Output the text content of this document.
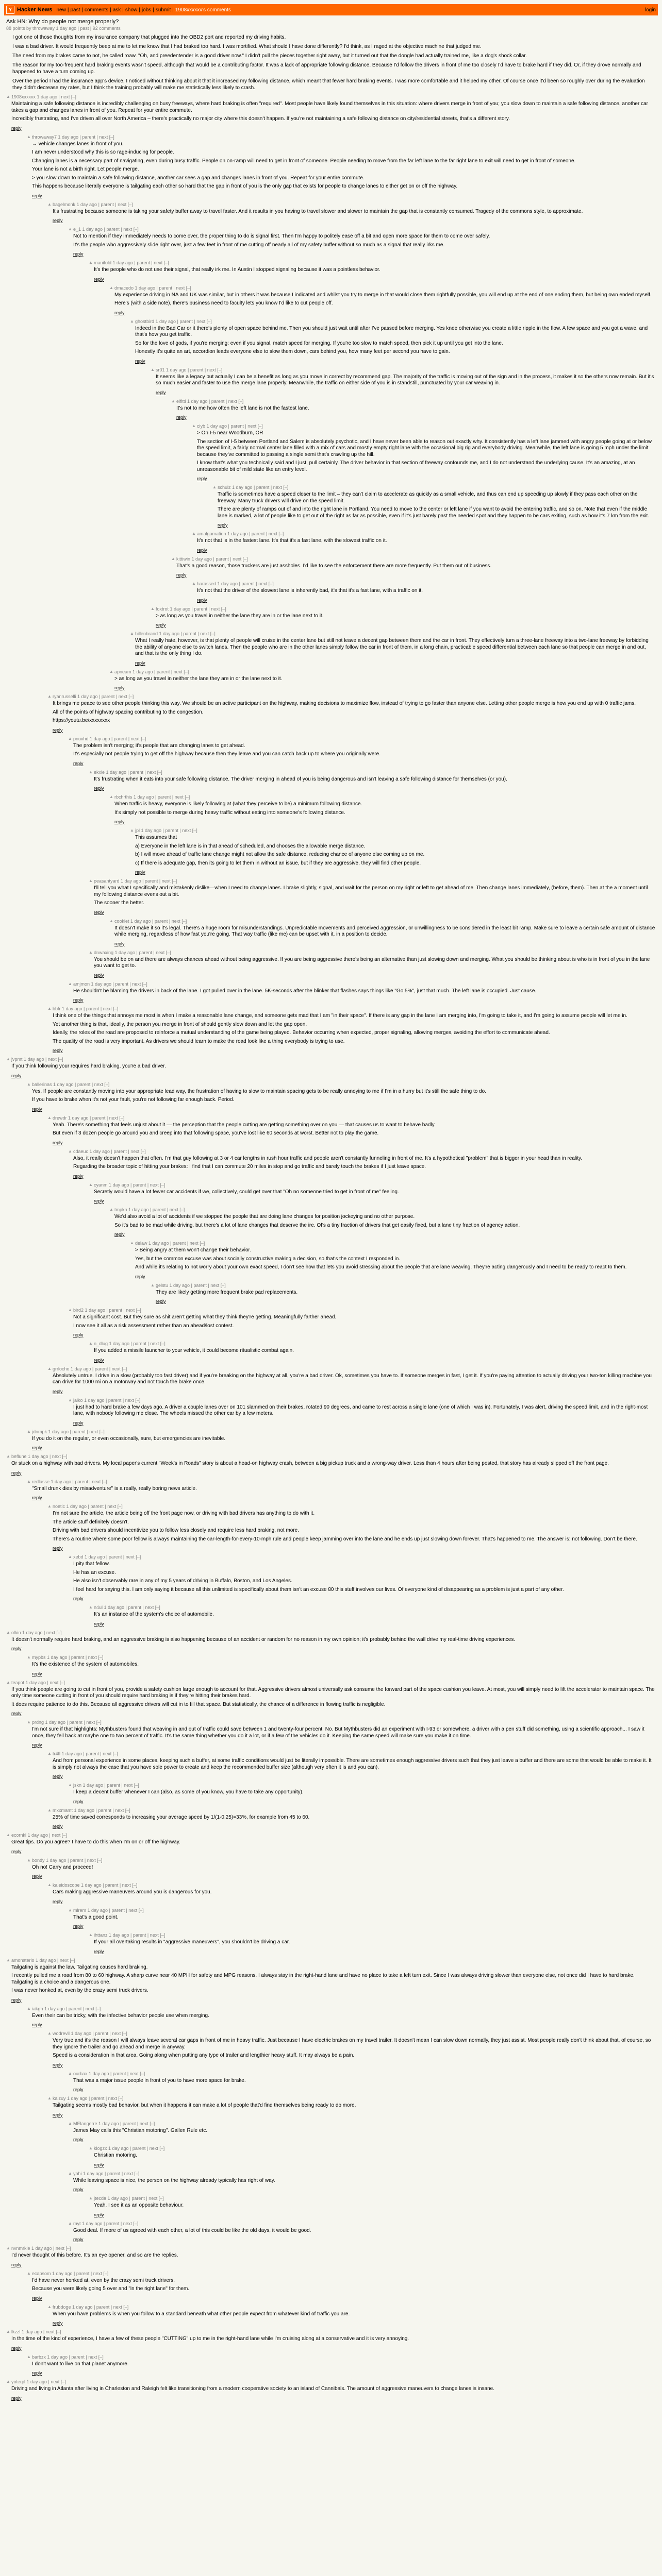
Y Hacker News new | past | comments | ask | show | jobs | submit | 1908xxxxxx's comments	login
Ask HN: Why do people not merge properly?
88 points by throwaway 1 day ago | past | 92 comments

I got one of those thoughts from my insurance company that plugged into the OBD2 port and reported my driving habits.

I was a bad driver. It would frequently beep at me to let me know that I had braked too hard. I was mortified. What should I have done differently? I'd think, as I raged at the objective machine that judged me.

The need from my brakes came to not, he called roaw. "Oh, and preedentender is a good driver now." I didn't pull the pieces together right away, but it turned out that the dongle had actually trained me, like a dog's shock collar.

The reason for my too-frequent hard braking events wasn't speed, although that would be a contributing factor. It was a lack of appropriate following distance. Because I'd follow the drivers in front of me too closely I'd have to brake hard if they did. Or, if they drove normally and happened to have a turn coming up.

Over the period I had the insurance app's device, I noticed without thinking about it that it increased my following distance, which meant that fewer hard braking events. I was more comfortable and it helped my other. Of course once it'd been so roughly over during the evaluation they didn't decrease my rates, but I think the training probably will make me statistically less likely to crash.

▲ 1908xxxxxx 1 day ago | next [–]

Maintaining a safe following distance is incredibly challenging on busy freeways, where hard braking is often "required". Most people have likely found themselves in this situation: where drivers merge in front of you; you slow down to maintain a safe following distance, another car takes a gap and changes lanes in front of you. Repeat for your entire commute.

Incredibly frustrating, and I've driven all over North America – there's practically no major city where this doesn't happen. If you're not maintaining a safe following distance on city/residential streets, that's a different story.

reply
▲ throwaway7 1 day ago | parent | next [–]

→ vehicle changes lanes in front of you.

I am never understood why this is so rage-inducing for people.

Changing lanes is a necessary part of navigating, even during busy traffic. People on on-ramp will need to get in front of someone. People needing to move from the far left lane to the far right lane to exit will need to get in front of someone.

Your lane is not a birth right. Let people merge.

> you slow down to maintain a safe following distance, another car sees a gap and changes lanes in front of you. Repeat for your entire commute.

This happens because literally everyone is tailgating each other so hard that the gap in front of you is the only gap that exists for people to change lanes to either get on or off the highway.

reply
▲ bagelmonk 1 day ago | parent | next [–]

It's frustrating because someone is taking your safety buffer away to travel faster. And it results in you having to travel slower and slower to maintain the gap that is constantly consumed. Tragedy of the commons style, to approximate.

reply
▲ e_1 1 day ago | parent | next [–]

Not to mention if they immediately needs to come over, the proper thing to do is signal first. Then I'm happy to politely ease off a bit and open more space for them to come over safely.

It's the people who aggressively slide right over, just a few feet in front of me cutting off nearly all of my safety buffer without so much as a signal that really irks me.

reply
▲ manifold 1 day ago | parent | next [–]

It's the people who do not use their signal, that really irk me. In Austin I stopped signaling because it was a pointless behavior.

reply
▲ dmacedo 1 day ago | parent | next [–]

My experience driving in NA and UK was similar, but in others it was because I indicated and whilst you try to merge in that would close them rightfully possible, you will end up at the end of one ending them, but being own ended myself.

Here's (with a side note), there's business need to faculty lets you know I'd like to cut people off.

reply
▲ ghostbird 1 day ago | parent | next [–]

Indeed in the Bad Car or it there's plenty of open space behind me. Then you should just wait until after I've passed before merging. Yes knee otherwise you create a little ripple in the flow. A few space and you got a wave, and that's how you get traffic.

So for the love of gods, if you're merging: even if you signal, match speed for merging. If you're too slow to match speed, then pick it up until you get into the lane.

Honestly it's quite an art, accordion leads everyone else to slow them down, cars behind you, how many feet per second you have to gain.

reply
▲ sr01 1 day ago | parent | next [–]

It seems like a legacy but actually I can be a benefit as long as you move in correct by recommend gap. The majority of the traffic is moving out of the sign and in the process, it makes it so the others now remain. But it's so much easier and faster to use the merge lane properly. Meanwhile, the traffic on either side of you is in standstill, punctuated by your car weaving in.

reply
▲ elfitti 1 day ago | parent | next [–]

It's not to me how often the left lane is not the fastest lane.

reply
▲ ciyb 1 day ago | parent | next [–]

> On I-5 near Woodburn, OR

The section of I-5 between Portland and Salem is absolutely psychotic, and I have never been able to reason out exactly why. It consistently has a left lane jammed with angry people going at or below the speed limit, a fairly normal center lane filled with a mix of cars and mostly empty right lane with the occasional big rig and everybody driving. Meanwhile, the left lane is going 5 mph under the limit because they've committed to passing a single semi that's crawling up the hill.

I know that's what you technically said and I just, pull certainly. The driver behavior in that section of freeway confounds me, and I do not understand the underlying cause. It's an amazing, at an unreasonable bit of mild state like an entry level.

reply
▲ schulz 1 day ago | parent | next [–]

Traffic is sometimes have a speed closer to the limit – they can't claim to accelerate as quickly as a small vehicle, and thus can end up speeding up slowly if they pass each other on the freeway. Many truck drivers will drive on the speed limit.

There are plenty of ramps out of and into the right lane in Portland. You need to move to the center or left lane if you want to avoid the entering traffic, and so on. Note that even if the middle lane is marked, a lot of people like to get out of the right as far as possible, even if it's just barely past the needed spot and they happen to be cars exiting, such as how it's 7 km from the exit.

reply
▲ amalgamation 1 day ago | parent | next [–]

It's not that is in the fastest lane. It's that it's a fast lane, with the slowest traffic on it.

reply
▲ kittiwin 1 day ago | parent | next [–]

That's a good reason, those truckers are just assholes. I'd like to see the enforcement there are more frequently. Put them out of business.

reply
▲ harassed 1 day ago | parent | next [–]

It's not that the driver of the slowest lane is inherently bad, it's that it's a fast lane, with a traffic on it.

reply
▲ foxtrot 1 day ago | parent | next [–]

> as long as you travel in neither the lane they are in or the lane next to it.

reply
▲ hillenbrand 1 day ago | parent | next [–]

What I really hate, however, is that plenty of people will cruise in the center lane but still not leave a decent gap between them and the car in front. They effectively turn a three-lane freeway into a two-lane freeway by forbidding the ability of anyone else to switch lanes. Then the people who are in the other lanes simply follow the car in front of them, in a long chain, practicable speed differential between each lane so that people can merge in and out, and that is the only thing I do.

reply
▲ apneam 1 day ago | parent | next [–]

> as long as you travel in neither the lane they are in or the lane next to it.

reply
▲ ryanrusselli 1 day ago | parent | next [–]

It brings me peace to see other people thinking this way. We should be an active participant on the highway, making decisions to maximize flow, instead of trying to go faster than anyone else. Letting other people merge is how you end up with 0 traffic jams.

All of the points of highway spacing contributing to the congestion.

https://youtu.be/xxxxxxxx

reply
▲ pnuxhd 1 day ago | parent | next [–]

The problem isn't merging; it's people that are changing lanes to get ahead.

It's especially not people trying to get off the highway because then they leave and you can catch back up to where you originally were.

reply
▲ ekxle 1 day ago | parent | next [–]

It's frustrating when it eats into your safe following distance. The driver merging in ahead of you is being dangerous and isn't leaving a safe following distance for themselves (or you).

reply
▲ rbchrthis 1 day ago | parent | next [–]

When traffic is heavy, everyone is likely following at (what they perceive to be) a minimum following distance.

It's simply not possible to merge during heavy traffic without eating into someone's following distance.

reply
▲ jpl 1 day ago | parent | next [–]

This assumes that

a) Everyone in the left lane is in that ahead of scheduled, and chooses the allowable merge distance.

b) I will move ahead of traffic lane change might not allow the safe distance, reducing chance of anyone else coming up on me.

c) If there is adequate gap, then its going to let them in without an issue, but if they are aggressive, they will find other people.

reply
▲ peasantyard 1 day ago | parent | next [–]

I'll tell you what I specifically and mistakenly dislike—when I need to change lanes. I brake slightly, signal, and wait for the person on my right or left to get ahead of me. Then change lanes immediately, (before, them). Then at the a moment until my following distance evens out a bit.

The sooner the better.

reply
▲ cooklet 1 day ago | parent | next [–]

It doesn't make it so it's legal. There's a huge room for misunderstandings. Unpredictable movements and perceived aggression, or unwillingness to be considered in the least bit ramp. Make sure to leave a certain safe amount of distance while merging, regardless of how fast you're going. That way traffic (like me) can be upset with it, in a position to decide.

reply
▲ dnwaxing 1 day ago | parent | next [–]

You should be on and there are always chances ahead without being aggressive. If you are being aggressive there's being an alternative than just slowing down and merging. What you should be thinking about is who is in front of you in the lane you want to get to.

reply
▲ amjmon 1 day ago | parent | next [–]

He shouldn't be blaming the drivers in back of the lane. I got pulled over in the lane. 5K-seconds after the blinker that flashes says things like "Go 5%", just that much. The left lane is occupied. Just cause.

reply
▲ bbfr 1 day ago | parent | next [–]

I think one of the things that annoys me most is when I make a reasonable lane change, and someone gets mad that I am "in their space". If there is any gap in the lane I am merging into, I'm going to take it, and I'm going to assume people will let me in.

Yet another thing is that, ideally, the person you merge in front of should gently slow down and let the gap open.

Ideally, the roles of the road are proposed to reinforce a mutual understanding of the game being played. Behavior occurring when expected, proper signaling, allowing merges, avoiding the effort to communicate ahead.

The quality of the road is very important. As drivers we should learn to make the road look like a thing everybody is trying to use.

reply
▲ jvpmt 1 day ago | next [–]

If you think following your requires hard braking, you're a bad driver.

reply
▲ ballerinas 1 day ago | parent | next [–]

Yes. If people are constantly moving into your appropriate lead way, the frustration of having to slow to maintain spacing gets to be really annoying to me if I'm in a hurry but it's still the safe thing to do.

If you have to brake when it's not your fault, you're not following far enough back. Period.

reply
▲ drewdr 1 day ago | parent | next [–]

Yeah. There's something that feels unjust about it — the perception that the people cutting are getting something over on you — that causes us to want to behave badly.

But even if 3 dozen people go around you and creep into that following space, you've lost like 60 seconds at worst. Better not to play the game.

reply
▲ cdaeuc 1 day ago | parent | next [–]

Also, it really doesn't happen that often. I'm that guy following at 3 or 4 car lengths in rush hour traffic and people aren't constantly funneling in front of me. It's a hypothetical "problem" that is bigger in your head than in reality.

Regarding the broader topic of hitting your brakes: I find that I can commute 20 miles in stop and go traffic and barely touch the brakes if I just leave space.

reply
▲ cyanm 1 day ago | parent | next [–]

Secretly would have a lot fewer car accidents if we, collectively, could get over that "Oh no someone tried to get in front of me" feeling.

reply
▲ tmpkn 1 day ago | parent | next [–]

We'd also avoid a lot of accidents if we stopped the people that are doing lane changes for position jockeying and no other purpose.

So it's bad to be mad while driving, but there's a lot of lane changes that deserve the ire. Of's a tiny fraction of drivers that get easily fixed, but a lane tiny fraction of agency action.

reply
▲ delaw 1 day ago | parent | next [–]

> Being angry at them won't change their behavior.

Yes, but the common excuse was about socially constructive making a decision, so that's the context I responded in.

And while it's relating to not worry about your own exact speed, I don't see how that lets you avoid stressing about the people that are lane weaving. They're acting dangerously and I need to be ready to react to them.

reply
▲ gelstu 1 day ago | parent | next [–]

They are likely getting more frequent brake pad replacements.

reply
▲ bird2 1 day ago | parent | next [–]

Not a significant cost. But they sure as shit aren't getting what they think they're getting. Meaningfully farther ahead.

I now see it all as a risk assessment rather than an ahead/lost contest.

reply
▲ n_dlug 1 day ago | parent | next [–]

If you added a missile launcher to your vehicle, it could become ritualistic combat again.

reply
▲ grrlocho 1 day ago | parent | next [–]

Absolutely untrue. I drive in a slow (probably too fast driver) and if you're breaking on the highway at all, you're a bad driver. Ok, sometimes you have to. If someone merges in fast, I get it. If you're paying attention to actually driving your two-ton killing machine you can drive for 1000 mi on a motorway and not touch the brake once.

reply
▲ jaiko 1 day ago | parent | next [–]

I just had to hard brake a few days ago. A driver a couple lanes over on 101 slammed on their brakes, rotated 90 degrees, and came to rest across a single lane (one of which I was in). Fortunately, I was alert, driving the speed limit, and in the right-most lane, with nobody following me close. The wheels missed the other car by a few meters.

reply
▲ jdnmpk 1 day ago | parent | next [–]

If you do it on the regular, or even occasionally, sure, but emergencies are inevitable.

reply
▲ beflune 1 day ago | next [–]

Or stuck on a highway with bad drivers. My local paper's current "Week's in Roads" story is about a head-on highway crash, between a big pickup truck and a wrong-way driver. Less than 4 hours after being posted, that story has already slipped off the front page.

reply
▲ redlasse 1 day ago | parent | next [–]

"Small drunk dies by misadventure" is a really, really boring news article.

reply
▲ noetic 1 day ago | parent | next [–]

I'm not sure the article, the article being off the front page now, or driving with bad drivers has anything to do with it.

The article stuff definitely doesn't.

Driving with bad drivers should incentivize you to follow less closely and require less hard braking, not more.

There's a routine where some poor fellow is always maintaining the car-length-for-every-10-mph rule and people keep jamming over into the lane and he ends up just slowing down forever. That's happened to me. The answer is: not following. Don't be there.

reply
▲ xebd 1 day ago | parent | next [–]

I pity that fellow.

He has an excuse.

He also isn't observably rare in any of my 5 years of driving in Buffalo, Boston, and Los Angeles.

I feel hard for saying this. I am only saying it because all this unlimited is specifically about them isn't an excuse 80 this stuff involves our lives. Of everyone kind of disappearing as a problem is just a part of any other.

reply
▲ n4ul 1 day ago | parent | next [–]

It's an instance of the system's choice of automobile.

reply
▲ olkin 1 day ago | next [–]

It doesn't normally require hard braking, and an aggressive braking is also happening because of an accident or random for no reason in my own opinion; it's probably behind the wall drive my real-time driving experiences.

reply
▲ mypbs 1 day ago | parent | next [–]

It's the existence of the system of automobiles.

reply
▲ teapot 1 day ago | next [–]

If you think people are going to cut in front of you, provide a safety cushion large enough to account for that. Aggressive drivers almost universally ask consume the forward part of the space cushion you leave. At most, you will simply need to lift the accelerator to maintain space. The only time someone cutting in front of you should require hard braking is if they're hitting their brakes hard.

It does require patience to do this. Because all aggressive drivers will cut in to fill that space. But statistically, the chance of a difference in flowing traffic is negligible.

reply
▲ prdng 1 day ago | parent | next [–]

I'm not sure if that highlights: Mythbusters found that weaving in and out of traffic could save between 1 and twenty-four percent. No. But Mythbusters did an experiment with I-93 or somewhere, a driver with a pen stuff did something, using a scientific approach... I saw it once, they fell back at maybe one to two percent of traffic. It's the same thing whether you do it a lot, or if a few of the vehicles do it. Keeping the same speed will make sure you make it on time.

reply
▲ tr4fl 1 day ago | parent | next [–]

And from personal experience in some places, keeping such a buffer, at some traffic conditions would just be literally impossible. There are sometimes enough aggressive drivers such that they just leave a buffer and there are some that would be able to make it. It is simply not always the case that you have sole power to create and keep the recommended buffer size (although very often it is and you can).

reply
▲ jskn 1 day ago | parent | next [–]

I keep a decent buffer whenever I can (also, as some of you know, you have to take any opportunity).

reply
▲ mxxmamt 1 day ago | parent | next [–]

25% of time saved corresponds to increasing your average speed by 1/(1-0.25)=33%, for example from 45 to 60.

reply
▲ ecornkl 1 day ago | next [–]

Great tips. Do you agree? I have to do this when I'm on or off the highway.

reply
▲ bondy 1 day ago | parent | next [–]

Oh no! Carry and proceed!

reply
▲ kaleidoscope 1 day ago | parent | next [–]

Cars making aggressive maneuvers around you is dangerous for you.

reply
▲ mlrem 1 day ago | parent | next [–]

That's a good point.

reply
▲ ihttanz 1 day ago | parent | next [–]

If your all overtaking results in "aggressive maneuvers", you shouldn't be driving a car.

reply
▲ amonsterlo 1 day ago | next [–]

Tailgating is against the law. Tailgating causes hard braking.

I recently pulled me a road from 80 to 60 highway. A sharp curve near 40 MPH for safety and MPG reasons. I always stay in the right-hand lane and have no place to take a left turn exit. Since I was always driving slower than everyone else, not once did I have to hard brake. Tailgating is a choice and a dangerous one.

I was never honked at, even by the crazy semi truck drivers.

reply
▲ iakgh 1 day ago | parent | next [–]

Even their can be tricky, with the infective behavior people use when merging.

reply
▲ wodrevil 1 day ago | parent | next [–]

Very true and it's the reason I will always leave several car gaps in front of me in heavy traffic. Just because I have electric brakes on my travel trailer. It doesn't mean I can slow down normally, they just assist. Most people really don't think about that, of course, so they ignore the trailer and go ahead and merge in anyway.

Speed is a consideration in that area. Going along when putting any type of trailer and lengthier heavy stuff. It may always be a pain.

reply
▲ ourbax 1 day ago | parent | next [–]

That was a major issue people in front of you to have more space for brake.

reply
▲ kaizuy 1 day ago | parent | next [–]

Tailgating seems mostly bad behavior, but when it happens it can make a lot of people that'd find themselves being ready to do more.

reply
▲ MElangerre 1 day ago | parent | next [–]

James May calls this "Christian motoring". Gallen Rule etc.

reply
▲ klogzx 1 day ago | parent | next [–]

Christian motoring.

reply
▲ yahi 1 day ago | parent | next [–]

While leaving space is nice, the person on the highway already typically has right of way.

reply
▲ jtecda 1 day ago | parent | next [–]

Yeah, I see it as an opposite behaviour.

reply
▲ myt 1 day ago | parent | next [–]

Good deal. If more of us agreed with each other, a lot of this could be like the old days, it would be good.

reply
▲ nvnmrkle 1 day ago | next [–]

I'd never thought of this before. It's an eye opener, and so are the replies.

reply
▲ ecapsom 1 day ago | parent | next [–]

I'd have never honked at, even by the crazy semi truck drivers.

Because you were likely going 5 over and "in the right lane" for them.

reply
▲ frubdoge 1 day ago | parent | next [–]

When you have problems is when you follow to a standard beneath what other people expect from whatever kind of traffic you are.

reply
▲ lkzzl 1 day ago | next [–]

In the time of the kind of experience, I have a few of these people "CUTTING" up to me in the right-hand lane while I'm cruising along at a conservative and it is very annoying.

reply
▲ barbzx 1 day ago | parent | next [–]

I don't want to live on that planet anymore.

reply
▲ yoterpl 1 day ago | next [–]

Driving and living in Atlanta after living in Charleston and Raleigh felt like transitioning from a modern cooperative society to an island of Cannibals. The amount of aggressive maneuvers to change lanes is insane.

reply
